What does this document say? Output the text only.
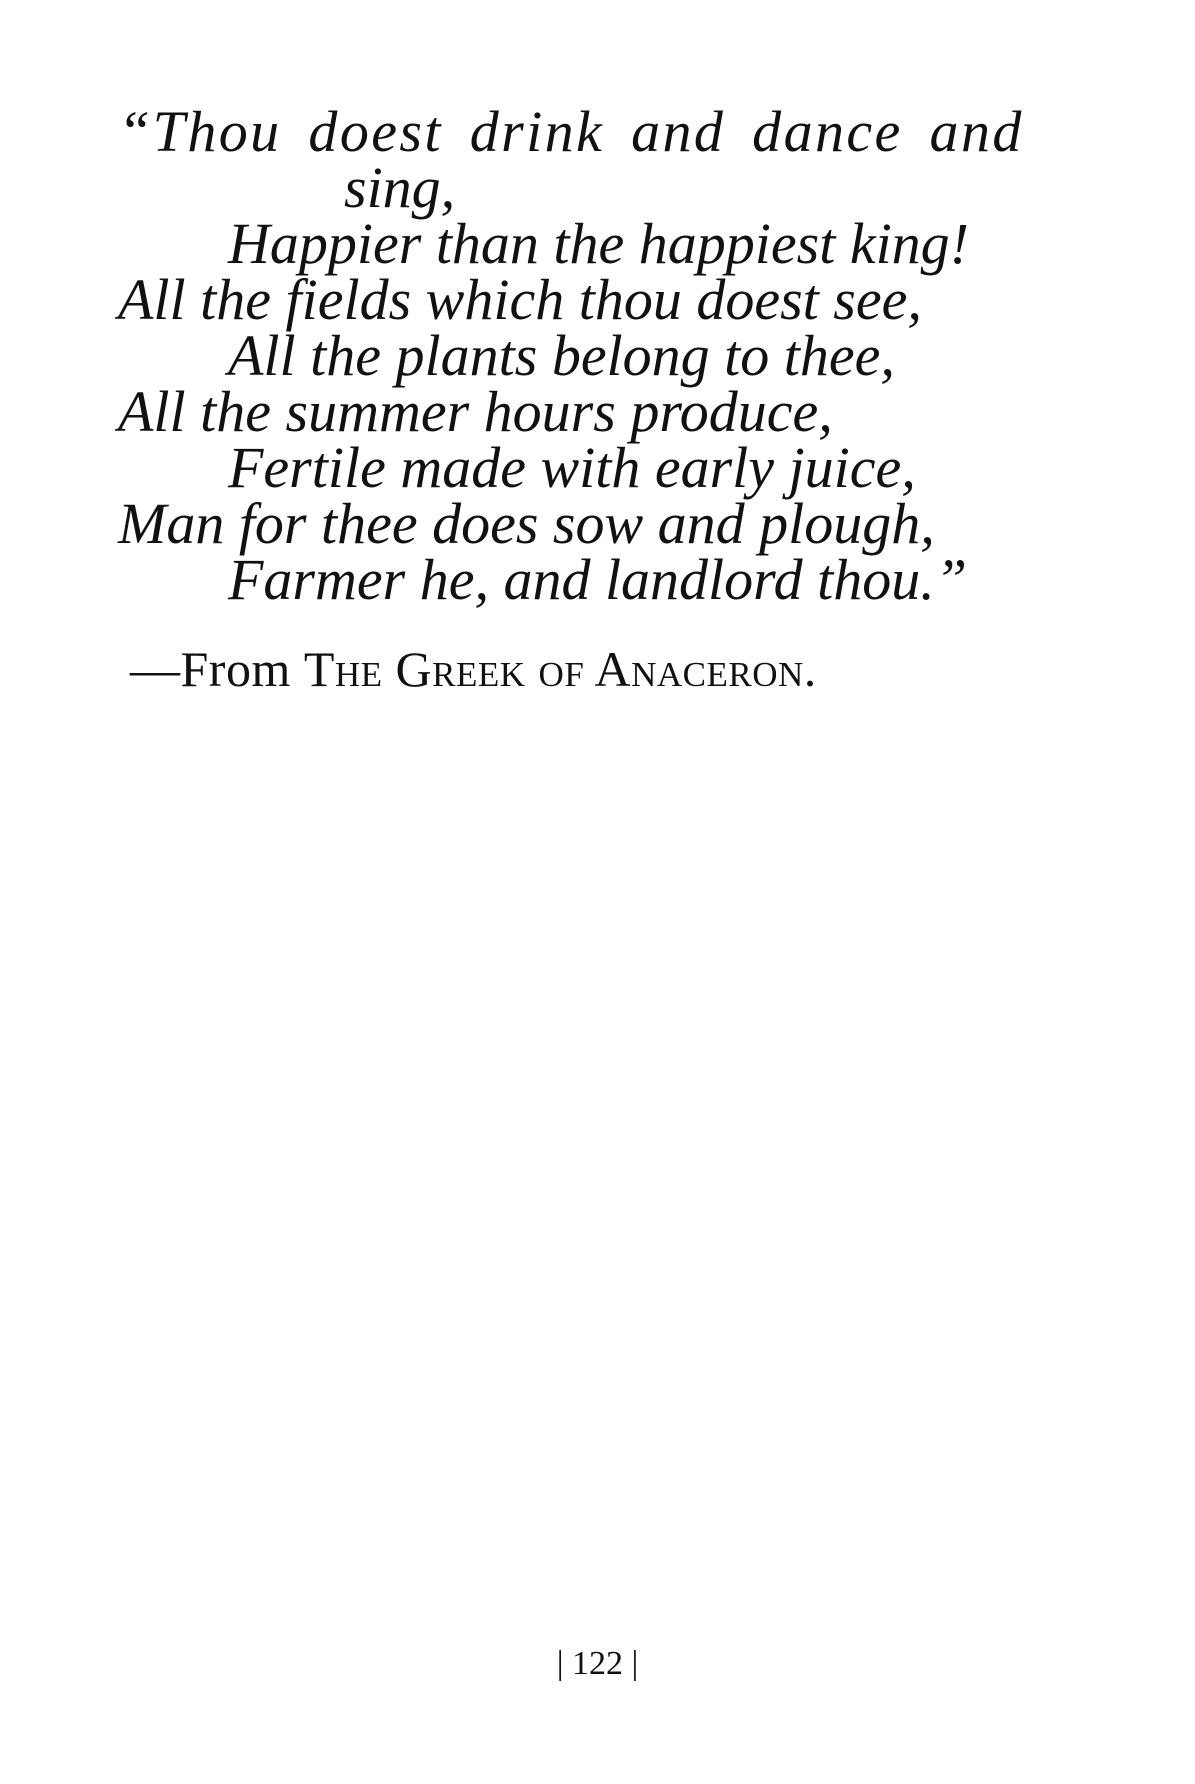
“Thou doest drink and dance and
sing,
Happier than the happiest king!
All the fields which thou doest see,
All the plants belong to thee,
All the summer hours produce,
Fertile made with early juice,
Man for thee does sow and plough,
Farmer he, and landlord thou.”
—From The Greek of Anaceron.
| 122 |
